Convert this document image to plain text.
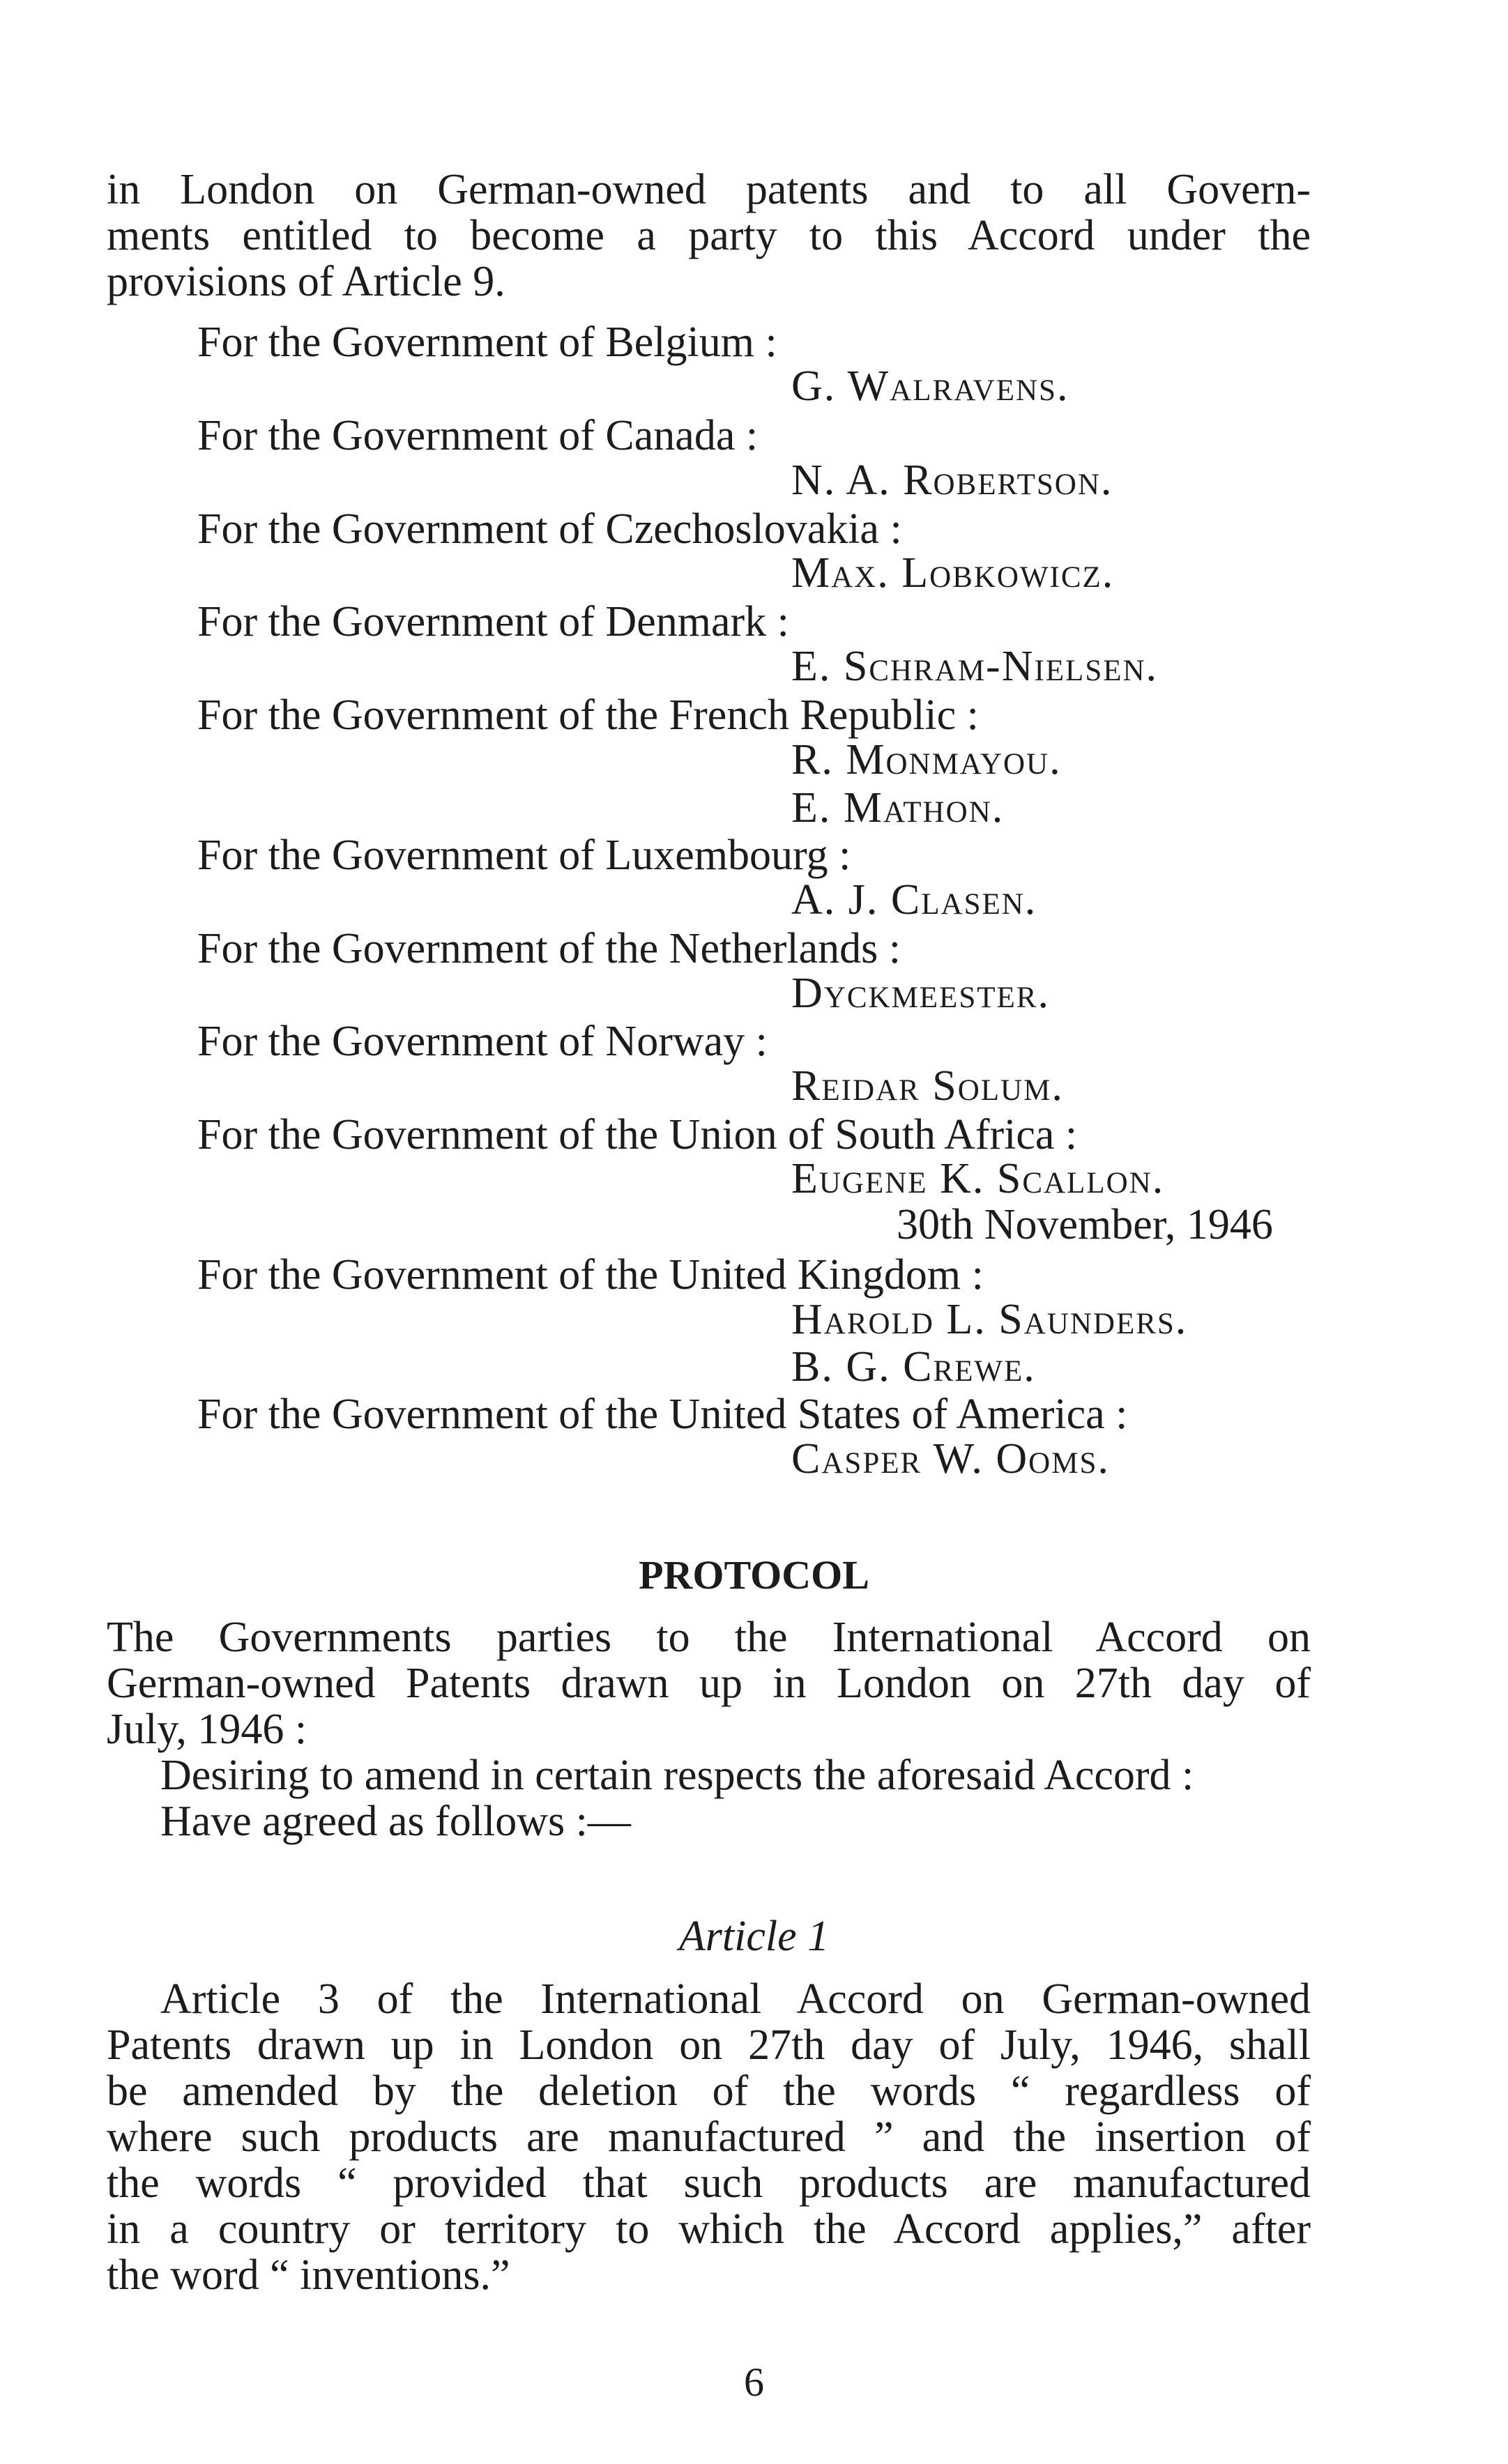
in London on German-owned patents and to all Govern-
ments entitled to become a party to this Accord under the
provisions of Article 9.
For the Government of Belgium :
G. Walravens.
For the Government of Canada :
N. A. Robertson.
For the Government of Czechoslovakia :
Max. Lobkowicz.
For the Government of Denmark :
E. Schram-Nielsen.
For the Government of the French Republic :
R. Monmayou.
E. Mathon.
For the Government of Luxembourg :
A. J. Clasen.
For the Government of the Netherlands :
Dyckmeester.
For the Government of Norway :
Reidar Solum.
For the Government of the Union of South Africa :
Eugene K. Scallon.
30th November, 1946
For the Government of the United Kingdom :
Harold L. Saunders.
B. G. Crewe.
For the Government of the United States of America :
Casper W. Ooms.
PROTOCOL
The Governments parties to the International Accord on
German-owned Patents drawn up in London on 27th day of
July, 1946 :
Desiring to amend in certain respects the aforesaid Accord :
Have agreed as follows :—
Article 1
Article 3 of the International Accord on German-owned
Patents drawn up in London on 27th day of July, 1946, shall
be amended by the deletion of the words “ regardless of
where such products are manufactured ” and the insertion of
the words “ provided that such products are manufactured
in a country or territory to which the Accord applies,” after
the word “ inventions.”
6
